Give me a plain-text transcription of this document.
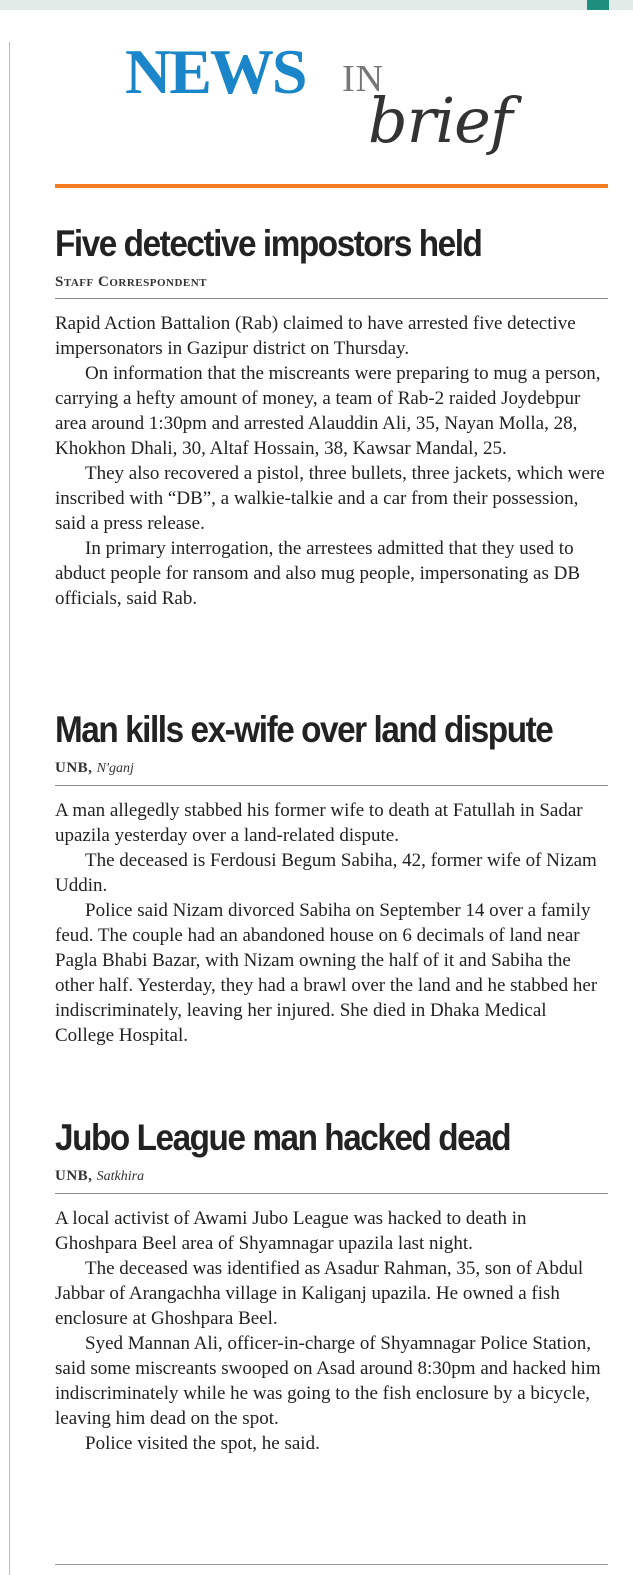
NEWS IN
brief
Five detective impostors held
Staff Correspondent

Rapid Action Battalion (Rab) claimed to have arrested five detective impersonators in Gazipur district on Thursday.

On information that the miscreants were preparing to mug a person, carrying a hefty amount of money, a team of Rab-2 raided Joydebpur area around 1:30pm and arrested Alauddin Ali, 35, Nayan Molla, 28, Khokhon Dhali, 30, Altaf Hossain, 38, Kawsar Mandal, 25.

They also recovered a pistol, three bullets, three jackets, which were inscribed with “DB”, a walkie-talkie and a car from their possession, said a press release.

In primary interrogation, the arrestees admitted that they used to abduct people for ransom and also mug people, impersonating as DB officials, said Rab.

Man kills ex-wife over land dispute
UNB, N'ganj

A man allegedly stabbed his former wife to death at Fatullah in Sadar upazila yesterday over a land-related dispute.

The deceased is Ferdousi Begum Sabiha, 42, former wife of Nizam Uddin.

Police said Nizam divorced Sabiha on September 14 over a family feud. The couple had an abandoned house on 6 decimals of land near Pagla Bhabi Bazar, with Nizam owning the half of it and Sabiha the other half. Yesterday, they had a brawl over the land and he stabbed her indiscriminately, leaving her injured. She died in Dhaka Medical College Hospital.

Jubo League man hacked dead
UNB, Satkhira

A local activist of Awami Jubo League was hacked to death in Ghoshpara Beel area of Shyamnagar upazila last night.

The deceased was identified as Asadur Rahman, 35, son of Abdul Jabbar of Arangachha village in Kaliganj upazila. He owned a fish enclosure at Ghoshpara Beel.

Syed Mannan Ali, officer-in-charge of Shyamnagar Police Station, said some miscreants swooped on Asad around 8:30pm and hacked him indiscriminately while he was going to the fish enclosure by a bicycle, leaving him dead on the spot.

Police visited the spot, he said.
